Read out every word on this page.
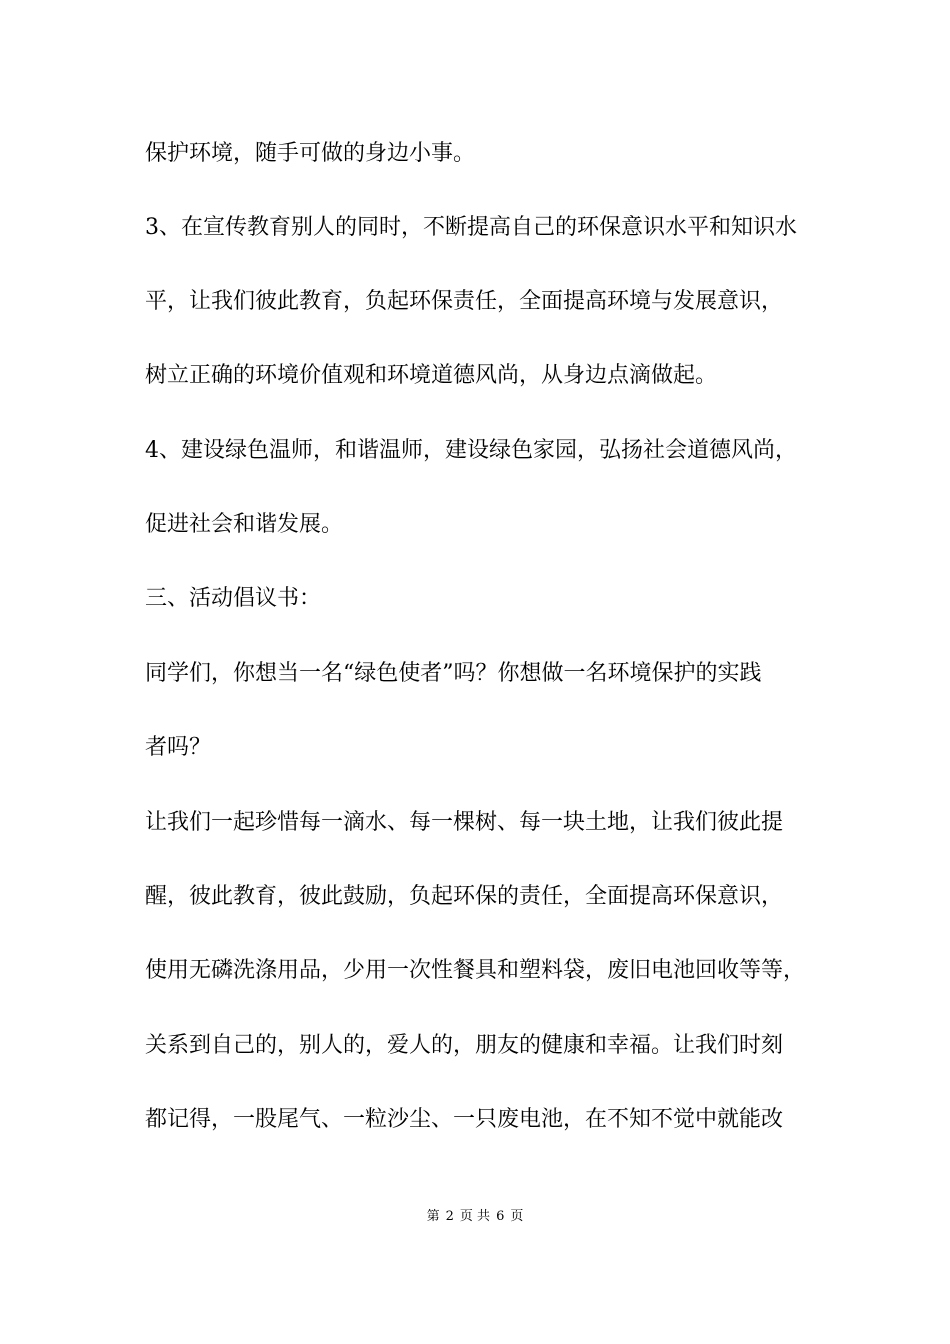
保护环境，随手可做的身边小事。
3、在宣传教育别人的同时，不断提高自己的环保意识水平和知识水
平，让我们彼此教育，负起环保责任，全面提高环境与发展意识，
树立正确的环境价值观和环境道德风尚，从身边点滴做起。
4、建设绿色温师，和谐温师，建设绿色家园，弘扬社会道德风尚，
促进社会和谐发展。
三、活动倡议书：
同学们，你想当一名“绿色使者”吗？你想做一名环境保护的实践
者吗？
让我们一起珍惜每一滴水、每一棵树、每一块土地，让我们彼此提
醒，彼此教育，彼此鼓励，负起环保的责任，全面提高环保意识，
使用无磷洗涤用品，少用一次性餐具和塑料袋，废旧电池回收等等，
关系到自己的，别人的，爱人的，朋友的健康和幸福。让我们时刻
都记得，一股尾气、一粒沙尘、一只废电池，在不知不觉中就能改
第 2 页 共 6 页
